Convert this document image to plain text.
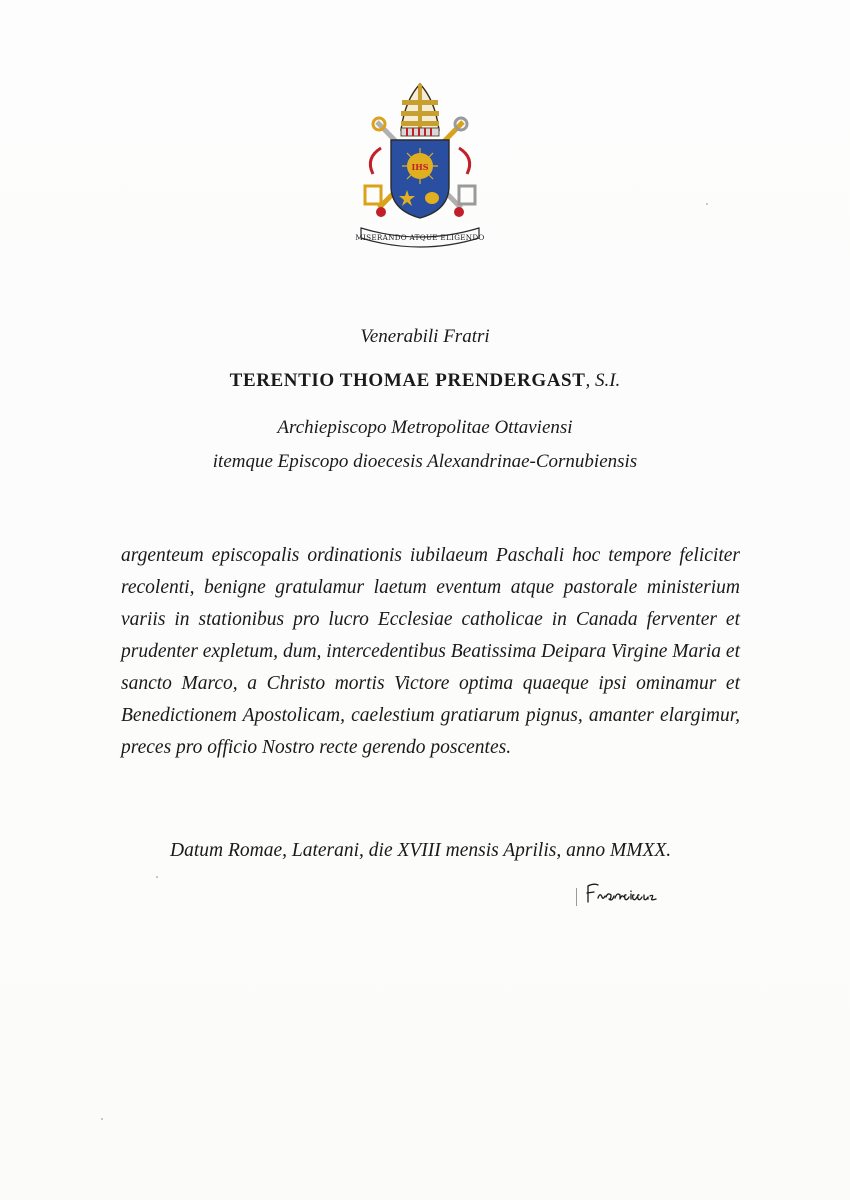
IHS
MISERANDO ATQUE ELIGENDO
Venerabili Fratri
TERENTIO THOMAE PRENDERGAST, S.I.
Archiepiscopo Metropolitae Ottaviensi
itemque Episcopo dioecesis Alexandrinae-Cornubiensis

argenteum episcopalis ordinationis iubilaeum Paschali hoc tempore feliciter recolenti, benigne gratulamur laetum eventum atque pastorale ministerium variis in stationibus pro lucro Ecclesiae catholicae in Canada ferventer et prudenter expletum, dum, intercedentibus Beatissima Deipara Virgine Maria et sancto Marco, a Christo mortis Victore optima quaeque ipsi ominamur et Benedictionem Apostolicam, caelestium gratiarum pignus, amanter elargimur, preces pro officio Nostro recte gerendo poscentes.

Datum Romae, Laterani, die XVIII mensis Aprilis, anno MMXX.
